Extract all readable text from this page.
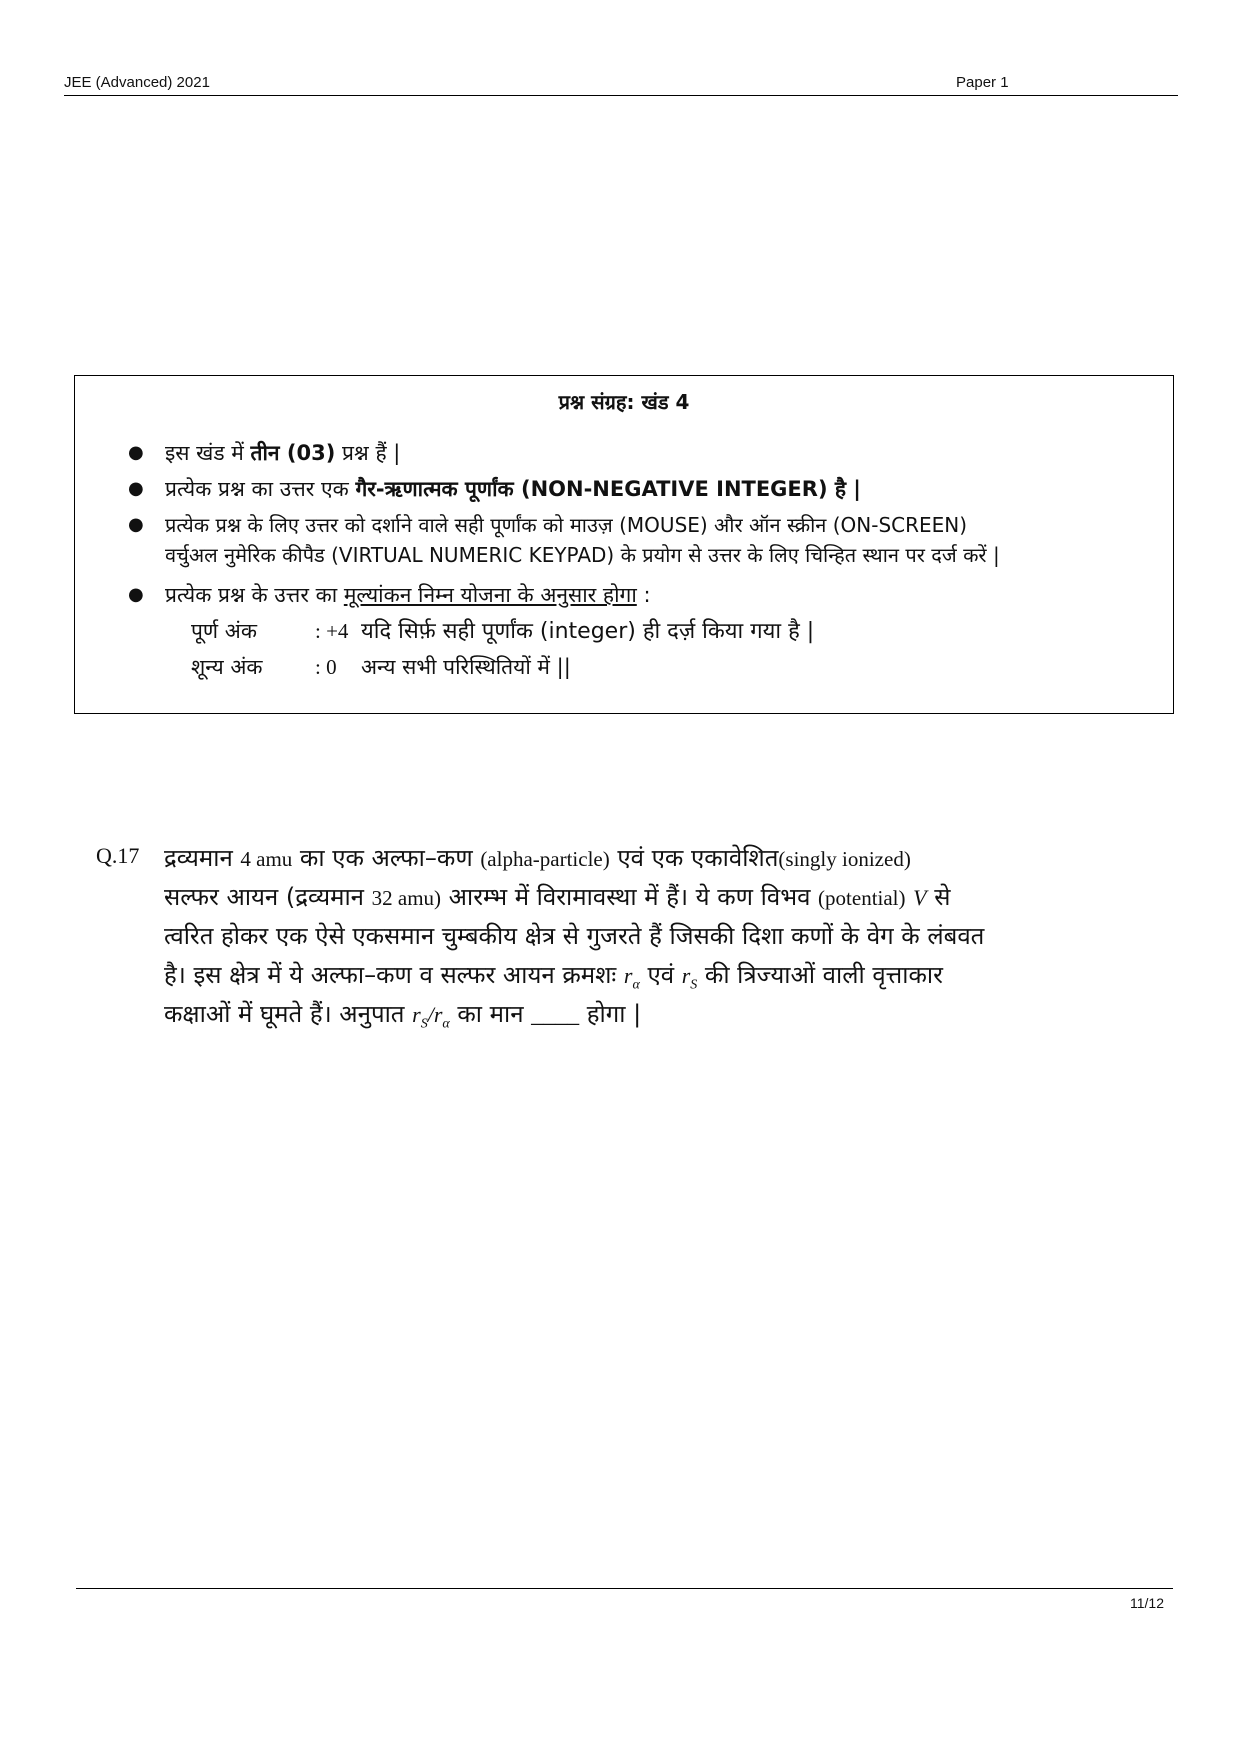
JEE (Advanced) 2021	Paper 1
प्रश्न संग्रह: खंड 4
● इस खंड में तीन (03) प्रश्न हैं |
● प्रत्येक प्रश्न का उत्तर एक गैर-ऋणात्मक पूर्णांक (NON-NEGATIVE INTEGER) है |
● प्रत्येक प्रश्न के लिए उत्तर को दर्शाने वाले सही पूर्णांक को माउज़ (MOUSE) और ऑन स्क्रीन (ON-SCREEN)
वर्चुअल नुमेरिक कीपैड (VIRTUAL NUMERIC KEYPAD) के प्रयोग से उत्तर के लिए चिन्हित स्थान पर दर्ज करें |
● प्रत्येक प्रश्न के उत्तर का मूल्यांकन निम्न योजना के अनुसार होगा :
पूर्ण अंक	: +4 यदि सिर्फ़ सही पूर्णांक (integer) ही दर्ज़ किया गया है |
शून्य अंक : 0 अन्य सभी परिस्थितियों में ||
Q.17 द्रव्यमान 4 amu का एक अल्फा–कण (alpha-particle) एवं एक एकावेशित(singly ionized)
सल्फर आयन (द्रव्यमान 32 amu) आरम्भ में विरामावस्था में हैं। ये कण विभव (potential) V से
त्वरित होकर एक ऐसे एकसमान चुम्बकीय क्षेत्र से गुजरते हैं जिसकी दिशा कणों के वेग के लंबवत
है। इस क्षेत्र में ये अल्फा–कण व सल्फर आयन क्रमशः $r_\alpha$ एवं $r_S$ की त्रिज्याओं वाली वृत्ताकार
कक्षाओं में घूमते हैं। अनुपात $r_S/r_\alpha$ का मान ____ होगा |
11/12
